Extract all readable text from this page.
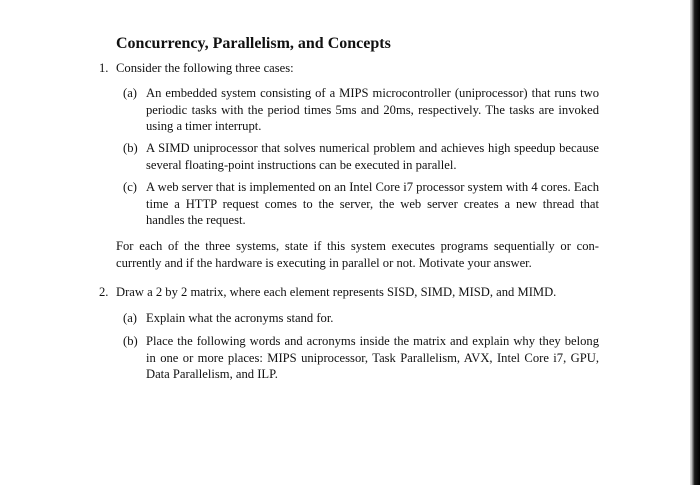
Concurrency, Parallelism, and Concepts
1. Consider the following three cases:
(a) An embedded system consisting of a MIPS microcontroller (uniprocessor) that runs two periodic tasks with the period times 5ms and 20ms, respectively. The tasks are invoked using a timer interrupt.
(b) A SIMD uniprocessor that solves numerical problem and achieves high speedup because several floating-point instructions can be executed in parallel.
(c) A web server that is implemented on an Intel Core i7 processor system with 4 cores. Each time a HTTP request comes to the server, the web server creates a new thread that handles the request.
For each of the three systems, state if this system executes programs sequentially or con- currently and if the hardware is executing in parallel or not. Motivate your answer.
2. Draw a 2 by 2 matrix, where each element represents SISD, SIMD, MISD, and MIMD.
(a) Explain what the acronyms stand for.
(b) Place the following words and acronyms inside the matrix and explain why they belong in one or more places: MIPS uniprocessor, Task Parallelism, AVX, Intel Core i7, GPU, Data Parallelism, and ILP.
